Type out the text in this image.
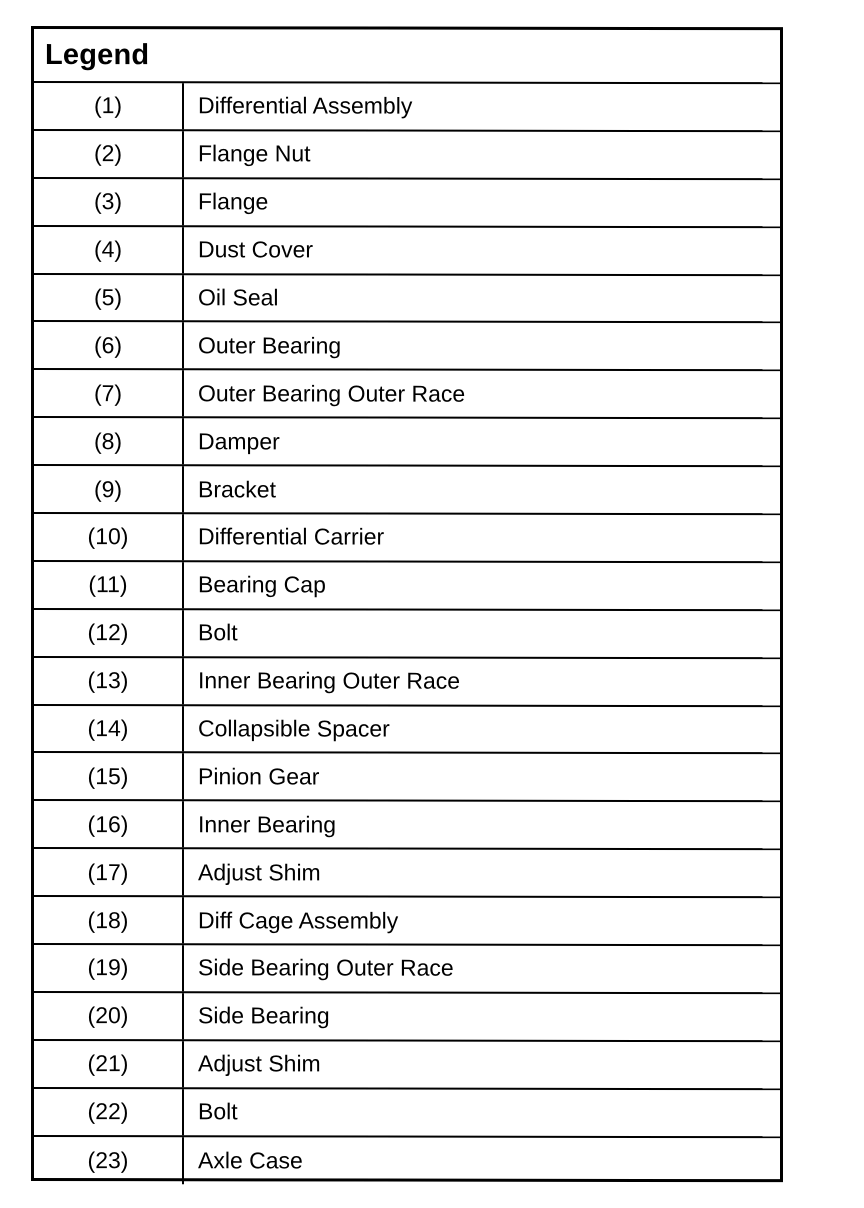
Legend
(1)	Differential Assembly
(2)	Flange Nut
(3)	Flange
(4)	Dust Cover
(5)	Oil Seal
(6)	Outer Bearing
(7)	Outer Bearing Outer Race
(8)	Damper
(9)	Bracket
(10)	Differential Carrier
(11)	Bearing Cap
(12)	Bolt
(13)	Inner Bearing Outer Race
(14)	Collapsible Spacer
(15)	Pinion Gear
(16)	Inner Bearing
(17)	Adjust Shim
(18)	Diff Cage Assembly
(19)	Side Bearing Outer Race
(20)	Side Bearing
(21)	Adjust Shim
(22)	Bolt
(23)	Axle Case
